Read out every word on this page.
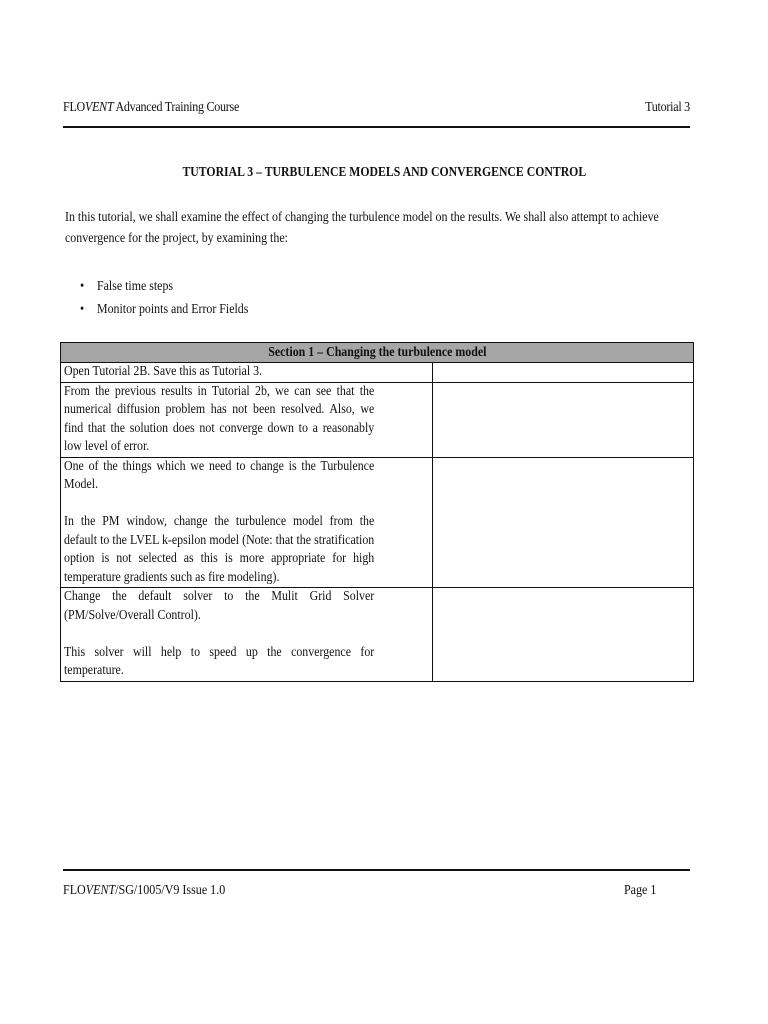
FLOVENT Advanced Training Course	Tutorial 3
TUTORIAL 3 – TURBULENCE MODELS AND CONVERGENCE CONTROL

In this tutorial, we shall examine the effect of changing the turbulence model on the results. We shall also attempt to achieve convergence for the project, by examining the:

• False time steps
• Monitor points and Error Fields
Section 1 – Changing the turbulence model	

Open Tutorial 2B. Save this as Tutorial 3.	

From the previous results in Tutorial 2b, we can see that the numerical diffusion problem has not been resolved. Also, we find that the solution does not converge down to a reasonably low level of error.	

One of the things which we need to change is the Turbulence Model.

In the PM window, change the turbulence model from the default to the LVEL k-epsilon model (Note: that the stratification option is not selected as this is more appropriate for high temperature gradients such as fire modeling).	

Change the default solver to the Mulit Grid Solver (PM/Solve/Overall Control).

This solver will help to speed up the convergence for temperature.	

FLOVENT/SG/1005/V9 Issue 1.0	Page 1
